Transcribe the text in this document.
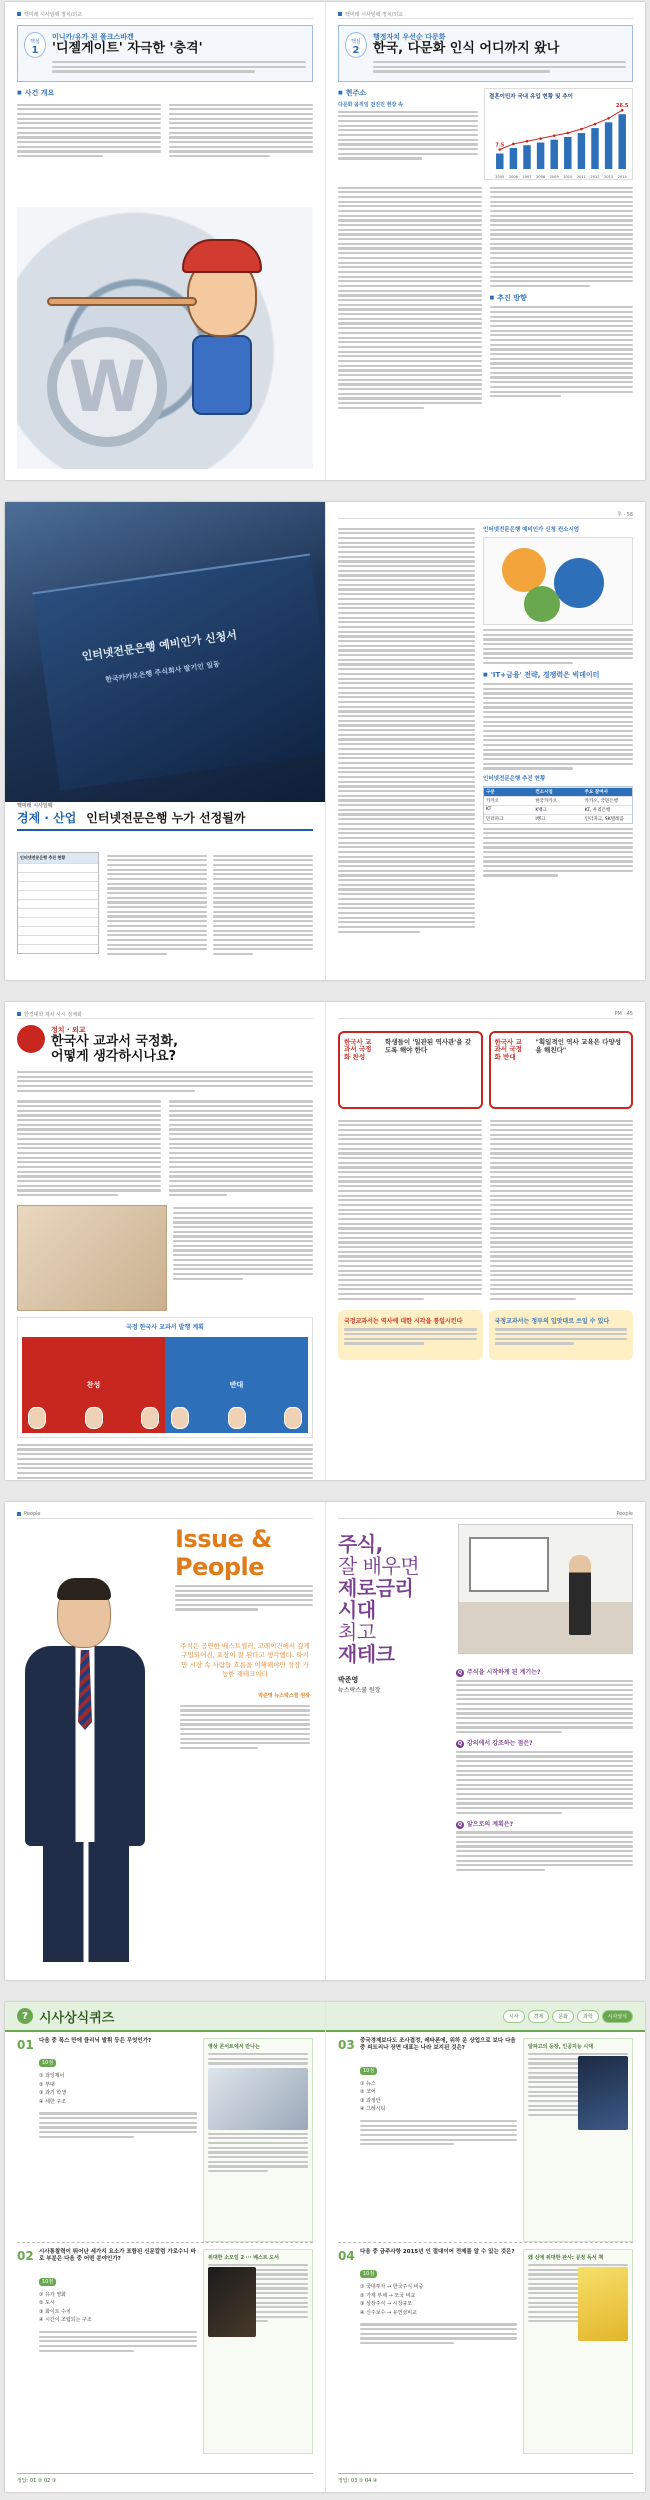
핵미래 시사임팩 정치/외교
핵심
1
미니카/유가 된 폴크스바겐
'디젤게이트' 자극한 '충격'
■ 사건 개요
W
핵미래 시사임팩 정치/외교
핵심
2
행정자치 우선순 다문화
한국, 다문화 인식 어디까지 왔나
■ 현주소
다문화 움직임 전진진 현장 속
결혼이민자 국내 유입 현황 및 추이
2005 2006 2007 2008 2009 2010 2011 2012 2013 2014
7.5
26.5
■ 추진 방향
인터넷전문은행 예비인가 신청서
한국카카오은행 주식회사 발기인 일동
핵미래 시사임팩
경제 · 산업 인터넷전문은행 누가 선정될까
인터넷전문은행 추진 현황
쭈 · 58
인터넷전문은행 예비인가 신청 컨소시엄
■ 'IT+금융' 전략, 경쟁력은 빅데이터
인터넷전문은행 추진 현황
구분	컨소시엄	주요 참여사
카카오	한국카카오	카카오, 국민은행
KT	K뱅크	KT, 우리은행
인터파크	I뱅크	인터파크, SK텔레콤
한경대학 제차 사시 정체화
정치 · 외교
한국사 교과서 국정화,
어떻게 생각하시나요?
국정 한국사 교과서 발행 계획
찬성	반대
PM · 45
한국사 교과서 국정화 찬성
학생들이 '일관된 역사관'을 갖도록 해야 한다
한국사 교과서 국정화 반대
"획일적인 역사 교육은 다양성을 해친다"
국정교과서는 역사에 대한 시각을 통일시킨다	국정교과서는 정부의 입맛대로 쓰일 수 있다
People
Issue & People
주식은 공연한 베스트셀러, 고레이건에서 깊게 구입되어진, 포장이 잘 된다고 생각했다. 하지만 시장 속 사람들 흐름을 이해해야만 성장 가능한 재테크이다
박준영 뉴스락스쿨 원장
People
주식,
잘 배우면
제로금리
시대
최고
재테크
박준영
뉴스락스쿨 원장
Q 주식을 시작하게 된 계기는?
Q 강의에서 강조하는 점은?
Q 앞으로의 계획은?
? 시사상식퀴즈
01 다음 중 폭스 만에 클리닉 발휘 등은 무엇인가?
10점
① 과잉제어
② 부대
③ 과기 학생
④ 세한 구조
영상 콘서트에서 만나는
02 시사통찰력이 뛰어난 세가지 요소가 포함된 신문칼럼 가로수니 바로 부분은 다음 중 어떤 분야인가?
10점
① 유가 영화
② 도시
③ 화이트 수치
④ 시간이 조립되는 구조
위대한 소모임 2 ··· 베스트 도서
정답: 01 ② 02 ③
시사	경제	문화	과학	시사상식
03 중국경제보다도 조사결정, 레타폰에, 위하 운 상업으로 보다 다음 중 피트리나 장면 대표는 나라 보지된 것은?
10점
① 뉴스
② 코어
③ 과정안
④ 그레시티
알파고의 등장, 인공지능 시대
04 다음 중 금주사항 2015년 인 절대이어 전제를 알 수 있는 것은?
10점
① 국내투자 → 한국주식 비중
② 가계 부채 → 모국 비교
③ 상장주식 → 시장규모
④ 신주보수 → 유연성비교
왜 신에 위대한 판사: 공정 독서 책
정답: 03 ① 04 ④
